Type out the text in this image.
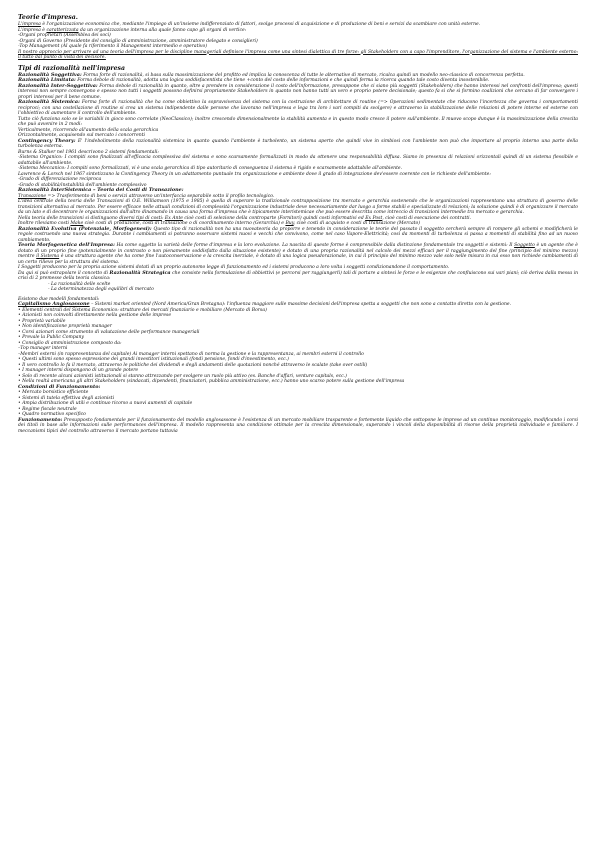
Teorie d'impresa.

L'impresa è l'organizzazione economica che, mediante l'impiego di un'insieme indifferenziato di fattori, svolge processi di acquisizione e di produzione di beni e servizi da scambiare con unità esterne.

L'impresa è caratterizzata da un organizzazione interna alla quale fanno capo gli organi di vertice:

-Organi proprietari (Assemblea dei soci)

-Organi di Governo (Presidente del consiglio di amministrazione, amministratore delegato e consiglieri)

-Top Management (Al quale fa riferimento il Management intermedio e operativo)

Il nostro approccio per arrivare ad una teoria dell'impresa per le discipline manageriali definisce l'impresa come una sintesi dialettica di tre forze: gli Stakeholders con a capo l'imprenditore, l'organizzazione del sistema e l'ambiente esterno: il tutto dal punto di vista dei decisore.

Tipi di razionalità nell'impresa

Razionalità Soggettiva: Forma forte di razionalità, si basa sulla massimizzazione del profitto ed implica la conoscenza di tutte le alternative di mercato, ricalca quindi un modello neo-classico di concorrenza perfetta.

Razionalità Limitata: Forma debole di razionalità, adotta una logica soddisfacentista che tiene +conto del costo delle informazioni e che quindi ferma la ricerca quando tale costo diventa insostenibile.

Razionalità Inter-Soggettiva: Forma debole di razionalità in quanto, oltre a prendere in considerazione il costo dell'informazione, presuppone che ci siano più soggetti (Stakeholders) che hanno interessi nel confronti dell'impresa; questi interessi non sempre convergono e spesso non tutti i soggetti possono definirsi propriamente Stakeholders in quanto non hanno tutti un vero e proprio potere decisionale; questo fa si che si formino coalizioni che cercano di far convergere i propri interessi per il bene comune.

Razionalità Sistemica: Forma forte di razionalità che ha come obbiettivo la sopravvivenza del sistema con la costruzione di architetture di routine (=> Operazioni sedimentate che riducono l'incertezza che governa i comportamenti reciproci; con una costellazione di routine si crea un sistema indipendente dalle persone che lavorano nell'impresa e lega tra loro i vari compiti da svolgere) e attraverso la stabilizzazione delle relazioni di potere interne ed esterne con l'obbiettivo di aumentare il controllo dell'ambiente.

Tutto ciò funziona solo se le variabili in gioco sono correlate (NeoClassico); inoltre crescendo dimensionalmente la stabilità aumenta e in questo modo cresce il potere sull'ambiente. Il muovo scopo dunque è la massimizzazione della crescita che può avvenire in 2 modi:

Verticalmente, ricorrendo all'aumento della scala gerarchica

Orizzontalmente, acquisendo sul mercato i concorrenti

Contingency Theory: E' l'indebolimento della razionalità sistemica in quanto quando l'ambiente è turbolento, un sistema aperto che quindi vive in simbiosi con l'ambiente non può che importare al proprio interno una parte della turbolenza esterna.

Burns & Stalker nel 1961 descrivono 2 sistemi fondamentali:

-Sistema Organico: I compiti sono finalizzati all'efficacia complessiva del sistema e sono scarsamente formalizzati in modo da ottenere una responsabilità diffusa. Siamo in presenza di relazioni orizzontali quindi di un sistema flessibile e adattabile all'ambiente.

-Sistema Meccanico: I compiti sono formalizzati, vi è una scala gerarchica di tipo autoritario di conseguenza il sistema è rigido e scarsamente adattabile all'ambiente.

Lawrence & Lorsch nel 1967 sintetizzano la Contingency Theory in un adattamento puntuale tra organizzazione e ambiente dove il grado di integrazione dev'essere coerente con le richieste dell'ambiente:

-Grado di differenziazione reciproca

-Grado di stabilità/instabilità dell'ambiente complessivo

Razionalità InterSistemica – Teoria dei Costi di Transazione:

Transazione => Trasferimento di beni o servizi attraverso un'interfaccia separabile sotto il profilo tecnologico.

L'idea centrale della teoria delle Transazioni di O.E. Williamson (1975 e 1985) è quella di superare la tradizionale contrapposizione tra mercato e gerarchia sostenendo che le organizzazioni rappresentano una struttura di governo delle transizioni alternativa al mercato. Per essere efficace nelle attuali condizioni di complessità l'organizzazione industriale deve necessariamente dar luogo a forme stabili e specializzate di relazioni; la soluzione quindi è di organizzare il mercato da un lato e di decentrare le organizzazioni dall'altro dinamando in causa una forma d'impresa che è tipicamente interistemicae che può essere descritta come intreccio di transizioni intermedie tra mercato e gerarchia.

Nella teoria delle transizioni si distinguono diversi tipi di costi: Ex Ante cioè costi di selezione della controparte (Fornitori) quindi costi informativi ed Ex Post, cioè costi di esecuzione dei contratti.

Inoltre rileviamo costi Make cioè costi di produzione, costi di transazione o di coordinamento interno (Gerarchia) e Buy, cioè costi di acquisto e costi di transazione (Mercato)

Razionalità Evolutiva (Potenziale, Morfogenesi): Questo tipo di razionalità non ha una nuovateoria da proporre e tenendo in considerazione le teorie del passato il soggetto cercherà sempre di rompere gli schemi e modificherà le regole costruendo una nuova strategia. Durante i cambiamenti si potranno osservare sistemi nuovi e vecchi che convivono, come nel caso Vapore-Elettricità; così da momenti di turbolenza si passa a momenti di stabilità fino ad un nuovo cambiamento.

Teoria Morfogenetica dell'Impresa: Ha come oggetto la varietà delle forme d'impresa e la loro evoluzione. La nascita di queste forme è comprensibile dalla distinzione fondamentale tra soggetti e sistemi: Il Soggetto è un agente che è dotato di un proprio fine (potenzialmente in contrasto o non pienamente soddisfatto dalla situazione esistente) e dotato di una propria razionalità nel calcolo dei mezzi efficaci per il raggiungimento del fine (principio del minimo mezzo) mentre il Sistema è una struttura agente che ha come fine l'autoconservazione e la crescita inerziale, è dotato di una logica pseudorazionale, in cui il principio del minimo mezzo vale solo nelle misura in cui esso non richiede cambiamenti di un certo rilievo per la struttura del sistema.

I Soggetti producono per la propria azione sistemi dotati di un proprio autonomo legge di funzionamento ed i sistemi producono a loro volta i soggetti condizionandone il comportamento.

Da qui si può estrapolare il concetto di Razionalità Strategica che consiste nella formulazione di obbiettivi (e percorsi per raggiungerli) tali di portare a sintesi le forze e le esigenze che confluiscono sui vari piani; ciò deriva dalla messa in crisi di 2 premesse della teoria classica:

- La razionalità delle scelte

- La determinatezza degli equilibri di mercato

Esistono due modelli fondamentali:

Capitalismo Anglosassone – Sistemi market oriented (Nord America/Gran Bretagna): l'influenza maggiore sulle massime decisioni dell'impresa spetta a soggetti che non sono a contatto diretto con la gestione.

• Elementi centrali del Sistema Economico: strutture dei mercati finanziario e mobiliare (Mercato di Borsa)

• Azionisti non coinvolti direttamente nella gestione delle imprese

• Proprietà variabile

• Non identificazione proprietà manager

• Corsi azionari come strumento di valutazione delle performance manageriali

• Prevale la Public Company

• Consiglio di amministrazione composto da:

–Top manager interni

–Membri esterni (in rappresentanza del capitale) Ai manager interni spettano di norma la gestione e la rappresentanza, ai membri esterni il controllo

• Questi ultimi sono spesso espressione dei grandi investitori istituzionali (fondi pensione, fondi d'investimento, ecc.)

• Il vero controllo lo fa il mercato, attraverso le politiche dei dividendi e degli andamenti delle quotazioni nonché attraverso le scalate (take over ostili)

• I manager interni dispongono di un grande potere

• Solo di recente alcuni azionisti istituzionali si stanno attrezzando per svolgere un ruolo più attivo (es. Banche d'affari, venture capitals, ecc.)

• Nella realtà americana gli altri Stakeholders (sindacati, dipendenti, finanziatori, pubblica amministrazione, ecc.) hanno uno scarso potere sulla gestione dell'impresa

Condizioni di Funzionamento:

• Mercato borsistico efficiente

• Sistemi di tutela effettiva degli azionisti

• Ampia distribuzione di utili e continuo ricorso a nuovi aumenti di capitale

• Regime fiscale neutrale

• Quadro normativo specifico

Funzionamento: Presupposto fondamentale per il funzionamento del modello anglosassone è l'esistenza di un mercato mobiliare trasparente e fortemente liquido che sottopone le imprese ad un continuo monitoraggio, modificando i corsi dei titoli in base alle informazioni sulle performances dell'impresa. Il modello rappresenta una condizione ottimale per la crescita dimensionale, superando i vincoli della disponibilità di risorse della proprietà individuale e familiare. I meccanismi tipici del controllo attraverso il mercato portano tuttavia
